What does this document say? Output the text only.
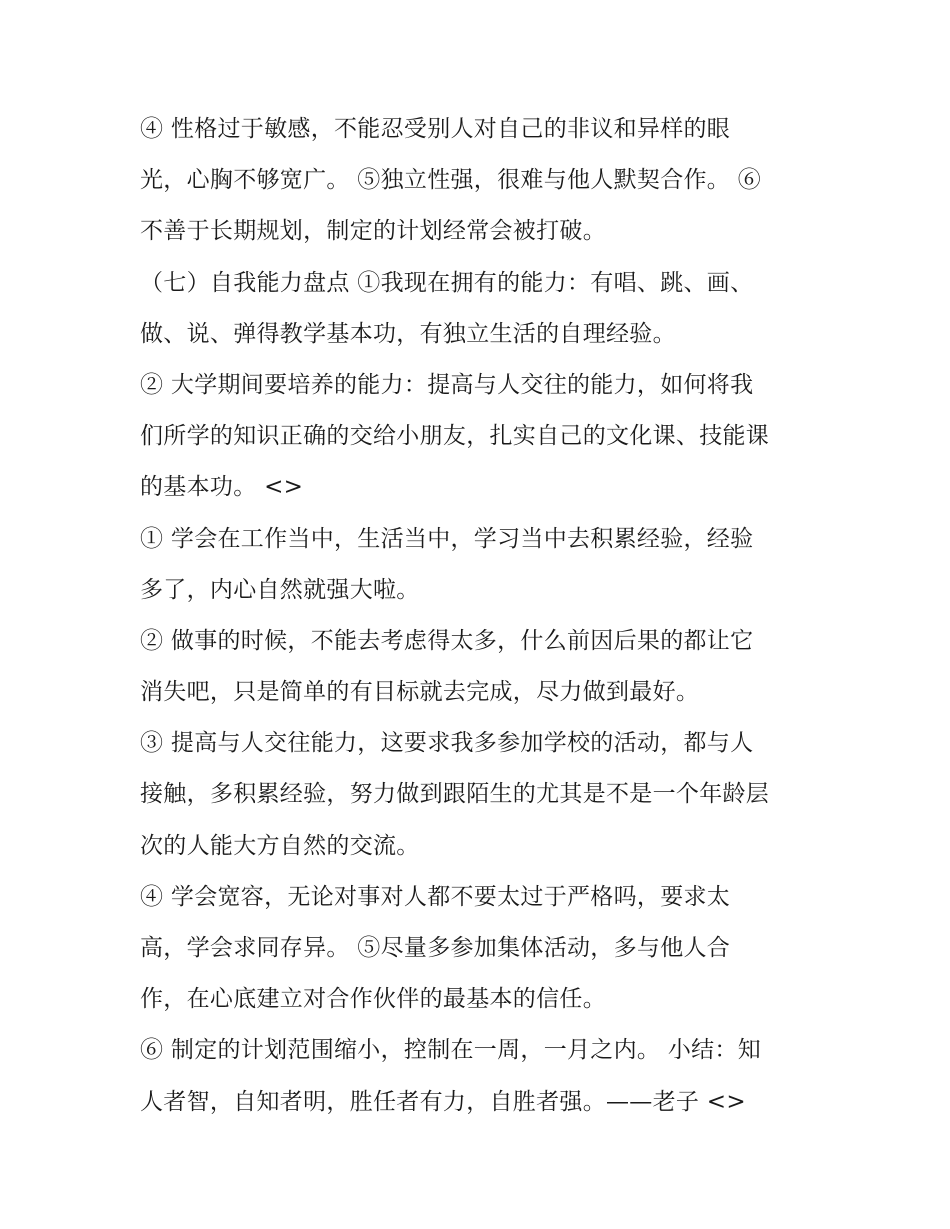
④ 性格过于敏感，不能忍受别人对自己的非议和异样的眼
光，心胸不够宽广。 ⑤独立性强，很难与他人默契合作。 ⑥
不善于长期规划，制定的计划经常会被打破。
（七）自我能力盘点 ①我现在拥有的能力：有唱、跳、画、
做、说、弹得教学基本功，有独立生活的自理经验。
② 大学期间要培养的能力：提高与人交往的能力，如何将我
们所学的知识正确的交给小朋友，扎实自己的文化课、技能课
的基本功。 <>
① 学会在工作当中，生活当中，学习当中去积累经验，经验
多了，内心自然就强大啦。
② 做事的时候，不能去考虑得太多，什么前因后果的都让它
消失吧，只是简单的有目标就去完成，尽力做到最好。
③ 提高与人交往能力，这要求我多参加学校的活动，都与人
接触，多积累经验，努力做到跟陌生的尤其是不是一个年龄层
次的人能大方自然的交流。
④ 学会宽容，无论对事对人都不要太过于严格吗，要求太
高，学会求同存异。 ⑤尽量多参加集体活动，多与他人合
作，在心底建立对合作伙伴的最基本的信任。
⑥ 制定的计划范围缩小，控制在一周，一月之内。 小结：知
人者智，自知者明，胜任者有力，自胜者强。——老子 <>
